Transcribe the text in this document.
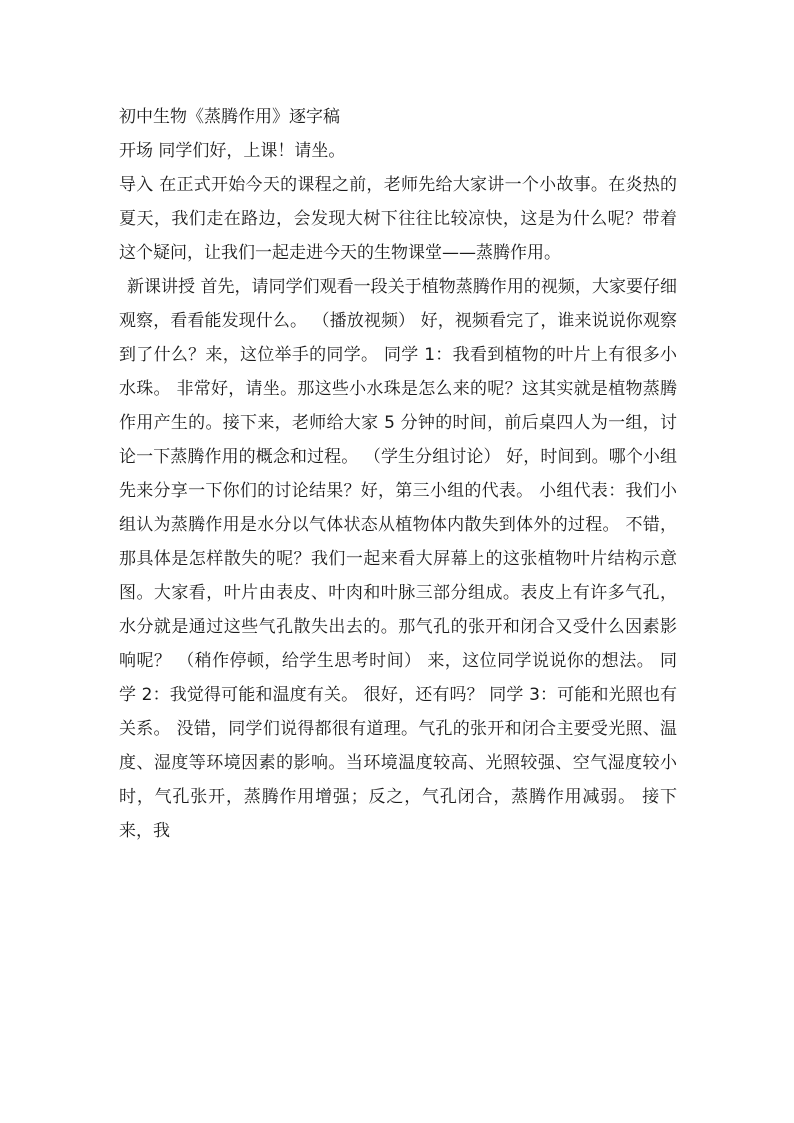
初中生物《蒸腾作用》逐字稿

开场 同学们好，上课！请坐。

导入 在正式开始今天的课程之前，老师先给大家讲一个小故事。在炎热的夏天，我们走在路边，会发现大树下往往比较凉快，这是为什么呢？带着这个疑问，让我们一起走进今天的生物课堂——蒸腾作用。

新课讲授 首先，请同学们观看一段关于植物蒸腾作用的视频，大家要仔细观察，看看能发现什么。 （播放视频） 好，视频看完了，谁来说说你观察到了什么？来，这位举手的同学。 同学 1：我看到植物的叶片上有很多小水珠。 非常好，请坐。那这些小水珠是怎么来的呢？这其实就是植物蒸腾作用产生的。接下来，老师给大家 5 分钟的时间，前后桌四人为一组，讨论一下蒸腾作用的概念和过程。 （学生分组讨论） 好，时间到。哪个小组先来分享一下你们的讨论结果？好，第三小组的代表。 小组代表：我们小组认为蒸腾作用是水分以气体状态从植物体内散失到体外的过程。 不错，那具体是怎样散失的呢？我们一起来看大屏幕上的这张植物叶片结构示意图。大家看，叶片由表皮、叶肉和叶脉三部分组成。表皮上有许多气孔，水分就是通过这些气孔散失出去的。那气孔的张开和闭合又受什么因素影响呢？ （稍作停顿，给学生思考时间） 来，这位同学说说你的想法。 同学 2：我觉得可能和温度有关。 很好，还有吗？ 同学 3：可能和光照也有关系。 没错，同学们说得都很有道理。气孔的张开和闭合主要受光照、温度、湿度等环境因素的影响。当环境温度较高、光照较强、空气湿度较小时，气孔张开，蒸腾作用增强；反之，气孔闭合，蒸腾作用减弱。 接下来，我
